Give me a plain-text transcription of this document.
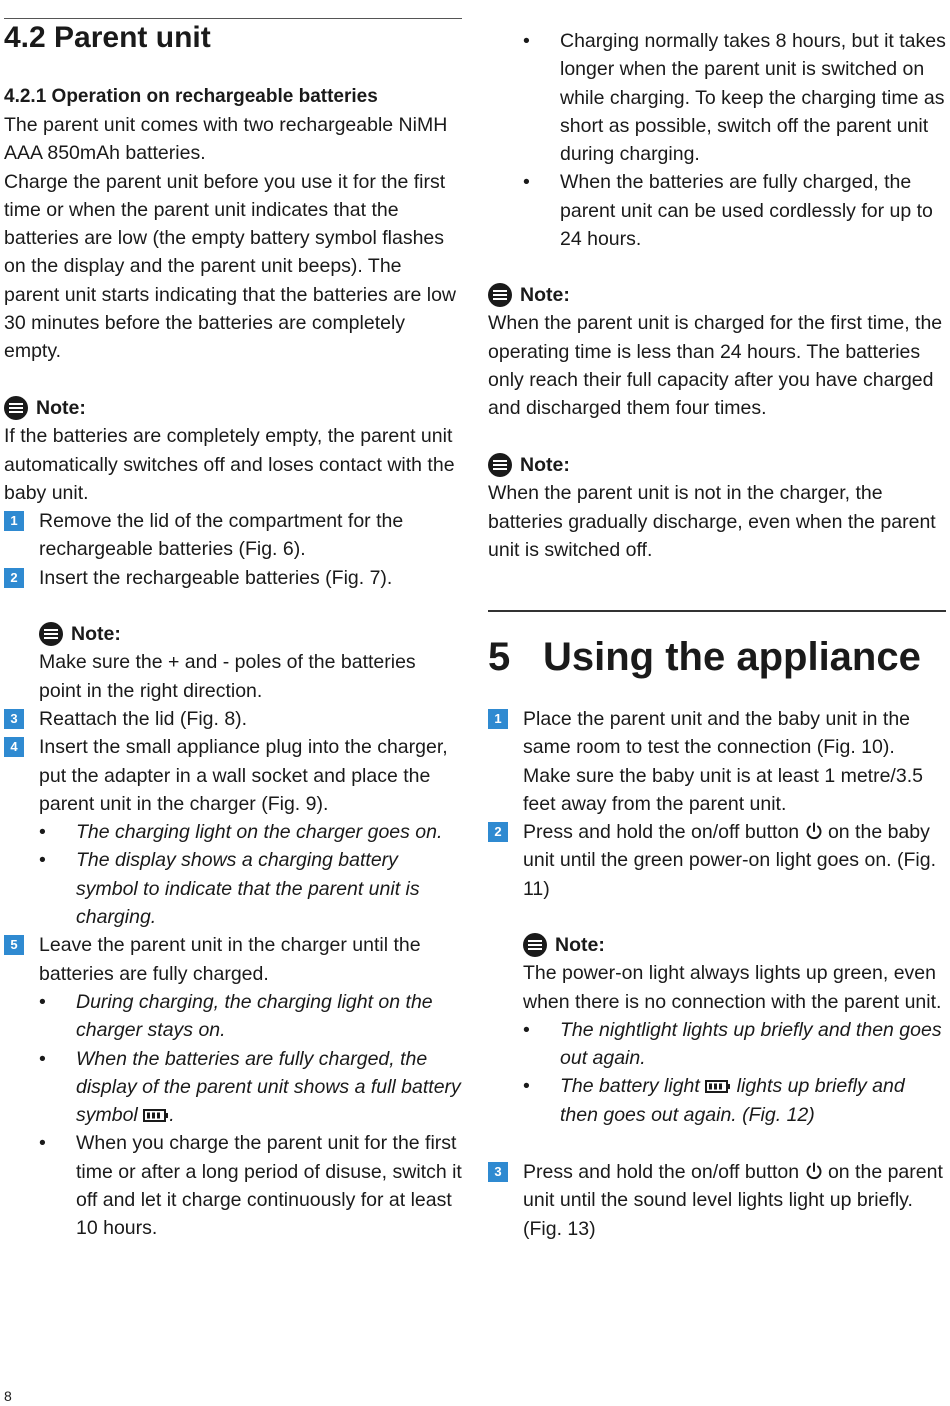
4.2 Parent unit
4.2.1 Operation on rechargeable batteries

The parent unit comes with two rechargeable NiMH AAA 850mAh batteries.

Charge the parent unit before you use it for the first time or when the parent unit indicates that the batteries are low (the empty battery symbol flashes on the display and the parent unit beeps). The parent unit starts indicating that the batteries are low 30 minutes before the batteries are completely empty.

Note:

If the batteries are completely empty, the parent unit automatically switches off and loses contact with the baby unit.

1	Remove the lid of the compartment for the rechargeable batteries (Fig. 6).
2	Insert the rechargeable batteries (Fig. 7).
Note:

Make sure the + and - poles of the batteries point in the right direction.

3	Reattach the lid (Fig. 8).
4	Insert the small appliance plug into the charger, put the adapter in a wall socket and place the parent unit in the charger (Fig. 9).
•	The charging light on the charger goes on.
•	The display shows a charging battery symbol to indicate that the parent unit is charging.
5	Leave the parent unit in the charger until the batteries are fully charged.
•	During charging, the charging light on the charger stays on.
•	When the batteries are fully charged, the display of the parent unit shows a full battery symbol .
•	When you charge the parent unit for the first time or after a long period of disuse, switch it off and let it charge continuously for at least 10 hours.
•	Charging normally takes 8 hours, but it takes longer when the parent unit is switched on while charging. To keep the charging time as short as possible, switch off the parent unit during charging.
•	When the batteries are fully charged, the parent unit can be used cordlessly for up to 24 hours.
Note:

When the parent unit is charged for the first time, the operating time is less than 24 hours. The batteries only reach their full capacity after you have charged and discharged them four times.

Note:

When the parent unit is not in the charger, the batteries gradually discharge, even when the parent unit is switched off.

5 Using the appliance
1	Place the parent unit and the baby unit in the same room to test the connection (Fig. 10). Make sure the baby unit is at least 1 metre/3.5 feet away from the parent unit.
2	Press and hold the on/off button on the baby unit until the green power-on light goes on. (Fig. 11)
Note:

The power-on light always lights up green, even when there is no connection with the parent unit.

•	The nightlight lights up briefly and then goes out again.
•	The battery light lights up briefly and then goes out again. (Fig. 12)
3	Press and hold the on/off button on the parent unit until the sound level lights light up briefly. (Fig. 13)
8
